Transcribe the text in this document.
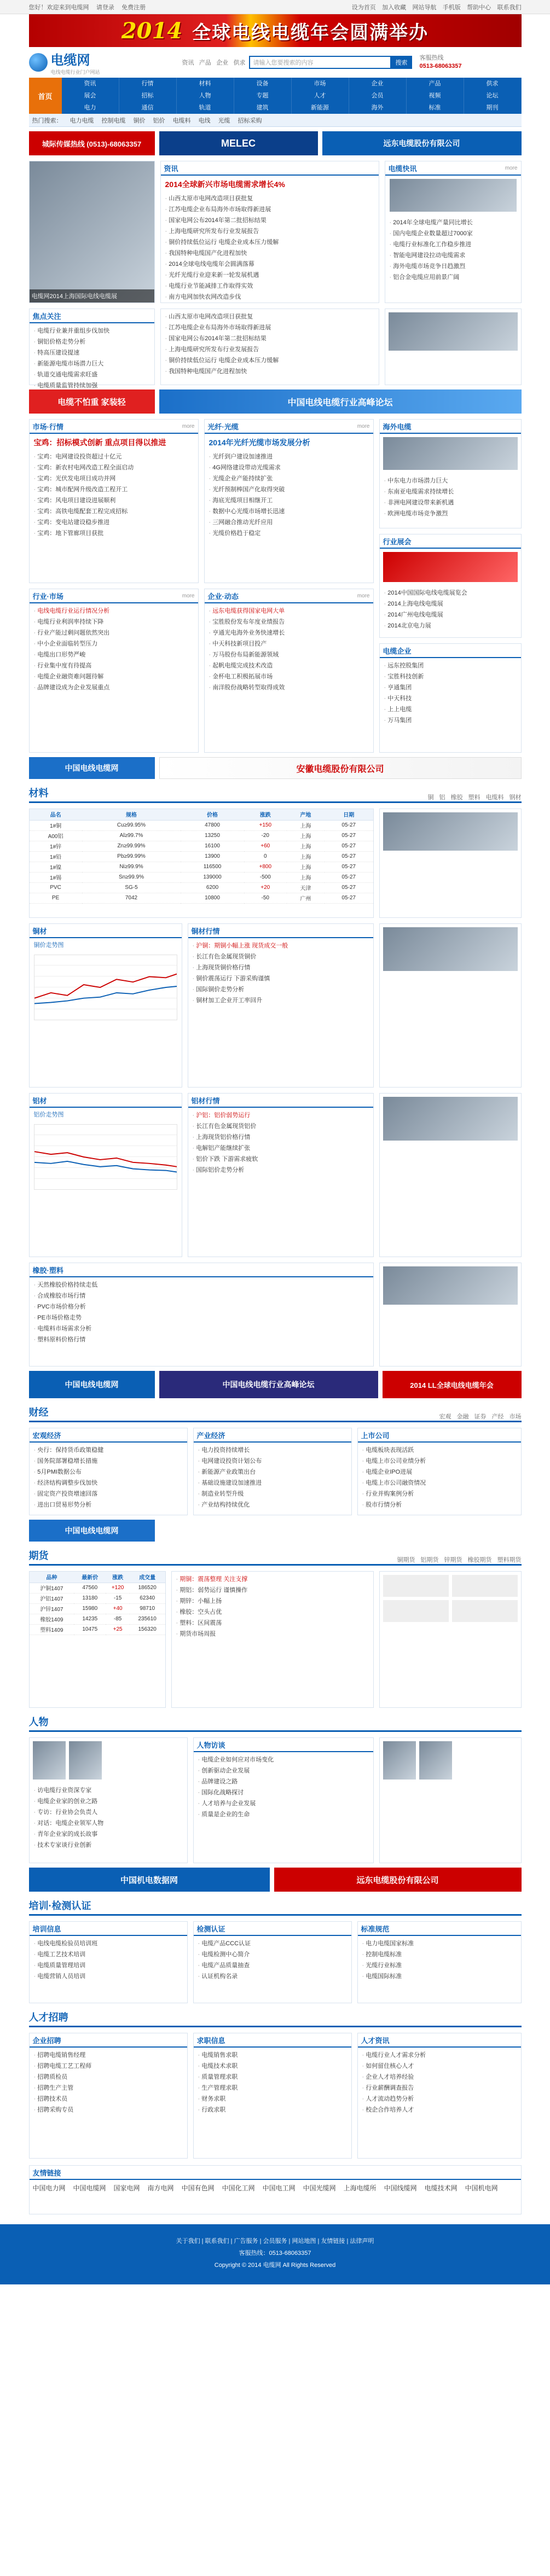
您好！欢迎来到电缆网 请登录 免费注册	设为首页 加入收藏 网站导航 手机版 帮助中心 联系我们
2014 全球电线电缆年会圆满举办
电缆网
电线电缆行业门户网站
资讯 产品 企业 供求	请输入您要搜索的内容	搜索
客服热线
0513-68063357
首页
资讯	行情	材料	设备	市场	企业	产品	供求
展会	招标	人物	专题	人才	会员	视频	论坛
电力	通信	轨道	建筑	新能源	海外	标准	期刊
热门搜索： 电力电缆 控制电缆 铜价 铝价 电缆料 电线 光缆 招标采购
城际传媒热线 (0513)-68063357	MELEC	远东电缆股份有限公司
电缆网2014上海国际电线电缆展
资讯
2014全球新兴市场电缆需求增长4%
· 山西太原市电网改造项目获批复
· 江苏电缆企业布局海外市场取得新进展
· 国家电网公布2014年第二批招标结果
· 上海电缆研究所发布行业发展报告
· 铜价持续低位运行 电缆企业成本压力缓解
· 我国特种电缆国产化进程加快
· 2014全球电线电缆年会圆满落幕
· 光纤光缆行业迎来新一轮发展机遇
· 电缆行业节能减排工作取得实效
· 南方电网加快农网改造步伐
电缆快讯	more
· 2014年全球电缆产量同比增长
· 国内电缆企业数量超过7000家
· 电缆行业标准化工作稳步推进
· 智能电网建设拉动电缆需求
· 海外电缆市场竞争日趋激烈
· 铝合金电缆应用前景广阔
焦点关注
· 电缆行业兼并重组步伐加快
· 铜铝价格走势分析
· 特高压建设提速
· 新能源电缆市场潜力巨大
· 轨道交通电缆需求旺盛
· 电缆质量监管持续加强
· 山西太原市电网改造项目获批复
· 江苏电缆企业布局海外市场取得新进展
· 国家电网公布2014年第二批招标结果
· 上海电缆研究所发布行业发展报告
· 铜价持续低位运行 电缆企业成本压力缓解
· 我国特种电缆国产化进程加快
电缆不怕重 家装轻	中国电线电缆行业高峰论坛
市场·行情	more
宝鸡：招标模式创新 重点项目得以推进
· 宝鸡：电网建设投资超过十亿元
· 宝鸡：新农村电网改造工程全面启动
· 宝鸡：光伏发电项目成功并网
· 宝鸡：城市配网升级改造工程开工
· 宝鸡：风电项目建设进展顺利
· 宝鸡：高铁电缆配套工程完成招标
· 宝鸡：变电站建设稳步推进
· 宝鸡：地下管廊项目获批
光纤·光缆	more
2014年光纤光缆市场发展分析
· 光纤到户建设加速推进
· 4G网络建设带动光缆需求
· 光缆企业产能持续扩张
· 光纤预制棒国产化取得突破
· 海底光缆项目相继开工
· 数据中心光缆市场增长迅速
· 三网融合推动光纤应用
· 光缆价格趋于稳定
行业·市场	more
· 电线电缆行业运行情况分析
· 电缆行业利润率持续下降
· 行业产能过剩问题依然突出
· 中小企业面临转型压力
· 电缆出口形势严峻
· 行业集中度有待提高
· 电缆企业融资难问题待解
· 品牌建设成为企业发展重点
企业·动态	more
· 远东电缆获得国家电网大单
· 宝胜股份发布年度业绩报告
· 亨通光电海外业务快速增长
· 中天科技新项目投产
· 万马股份布局新能源领域
· 起帆电缆完成技术改造
· 金杯电工积极拓展市场
· 南洋股份战略转型取得成效
海外电缆
· 中东电力市场潜力巨大
· 东南亚电缆需求持续增长
· 非洲电网建设带来新机遇
· 欧洲电缆市场竞争激烈
行业展会
· 2014中国国际电线电缆展览会
· 2014上海电线电缆展
· 2014广州电线电缆展
· 2014北京电力展
电缆企业
· 远东控股集团
· 宝胜科技创新
· 亨通集团
· 中天科技
· 上上电缆
· 万马集团
中国电线电缆网	安徽电缆股份有限公司
材料	铜 铝 橡胶 塑料 电缆料 钢材
品名	规格	价格	涨跌	产地	日期
1#铜	Cu≥99.95%	47800	+150	上海	05-27
A00铝	Al≥99.7%	13250	-20	上海	05-27
1#锌	Zn≥99.99%	16100	+60	上海	05-27
1#铅	Pb≥99.99%	13900	0	上海	05-27
1#镍	Ni≥99.9%	116500	+800	上海	05-27
1#锡	Sn≥99.9%	139000	-500	上海	05-27
PVC	SG-5	6200	+20	天津	05-27
PE	7042	10800	-50	广州	05-27
铜材
铜价走势图
铜材行情
· 沪铜：期铜小幅上涨 现货成交一般
· 长江有色金属现货铜价
· 上海现货铜价格行情
· 铜价震荡运行 下游采购谨慎
· 国际铜价走势分析
· 铜材加工企业开工率回升
铝材
铝价走势图
铝材行情
· 沪铝：铝价弱势运行
· 长江有色金属现货铝价
· 上海现货铝价格行情
· 电解铝产能继续扩张
· 铝价下跌 下游需求疲软
· 国际铝价走势分析
橡胶·塑料
· 天然橡胶价格持续走低
· 合成橡胶市场行情
· PVC市场价格分析
· PE市场价格走势
· 电缆料市场需求分析
· 塑料原料价格行情
中国电线电缆网	中国电线电缆行业高峰论坛	2014 LL全球电线电缆年会
财经	宏观 金融 证券 产经 市场
宏观经济
· 央行：保持货币政策稳健
· 国务院部署稳增长措施
· 5月PMI数据公布
· 经济结构调整步伐加快
· 固定资产投资增速回落
· 进出口贸易形势分析
产业经济
· 电力投资持续增长
· 电网建设投资计划公布
· 新能源产业政策出台
· 基础设施建设加速推进
· 制造业转型升级
· 产业结构持续优化
上市公司
· 电缆板块表现活跃
· 电缆上市公司业绩分析
· 电缆企业IPO进展
· 电缆上市公司融资情况
· 行业并购案例分析
· 股市行情分析
中国电线电缆网
期货	铜期货 铝期货 锌期货 橡胶期货 塑料期货
品种	最新价	涨跌	成交量
沪铜1407	47560	+120	186520
沪铝1407	13180	-15	62340
沪锌1407	15980	+40	98710
橡胶1409	14235	-85	235610
塑料1409	10475	+25	156320
· 期铜：震荡整理 关注支撑
· 期铝：弱势运行 谨慎操作
· 期锌：小幅上扬
· 橡胶：空头占优
· 塑料：区间震荡
· 期货市场周报
人物
· 访电缆行业资深专家
· 电缆企业家的创业之路
· 专访：行业协会负责人
· 对话：电缆企业领军人物
· 青年企业家的成长故事
· 技术专家谈行业创新
人物访谈
· 电缆企业如何应对市场变化
· 创新驱动企业发展
· 品牌建设之路
· 国际化战略探讨
· 人才培养与企业发展
· 质量是企业的生命
中国机电数据网	远东电缆股份有限公司
培训·检测认证
培训信息
· 电线电缆检验员培训班
· 电缆工艺技术培训
· 电缆质量管理培训
· 电缆营销人员培训
检测认证
· 电缆产品CCC认证
· 电缆检测中心简介
· 电缆产品质量抽查
· 认证机构名录
标准规范
· 电力电缆国家标准
· 控制电缆标准
· 光缆行业标准
· 电缆国际标准
人才招聘
企业招聘
· 招聘电缆销售经理
· 招聘电缆工艺工程师
· 招聘质检员
· 招聘生产主管
· 招聘技术员
· 招聘采购专员
求职信息
· 电缆销售求职
· 电缆技术求职
· 质量管理求职
· 生产管理求职
· 财务求职
· 行政求职
人才资讯
· 电缆行业人才需求分析
· 如何留住核心人才
· 企业人才培养经验
· 行业薪酬调查报告
· 人才流动趋势分析
· 校企合作培养人才
友情链接
中国电力网 中国电缆网 国家电网 南方电网 中国有色网 中国化工网 中国电工网 中国光缆网 上海电缆所 中国线缆网 电缆技术网 中国机电网
关于我们 | 联系我们 | 广告服务 | 会员服务 | 网站地图 | 友情链接 | 法律声明
客服热线：0513-68063357
Copyright © 2014 电缆网 All Rights Reserved
